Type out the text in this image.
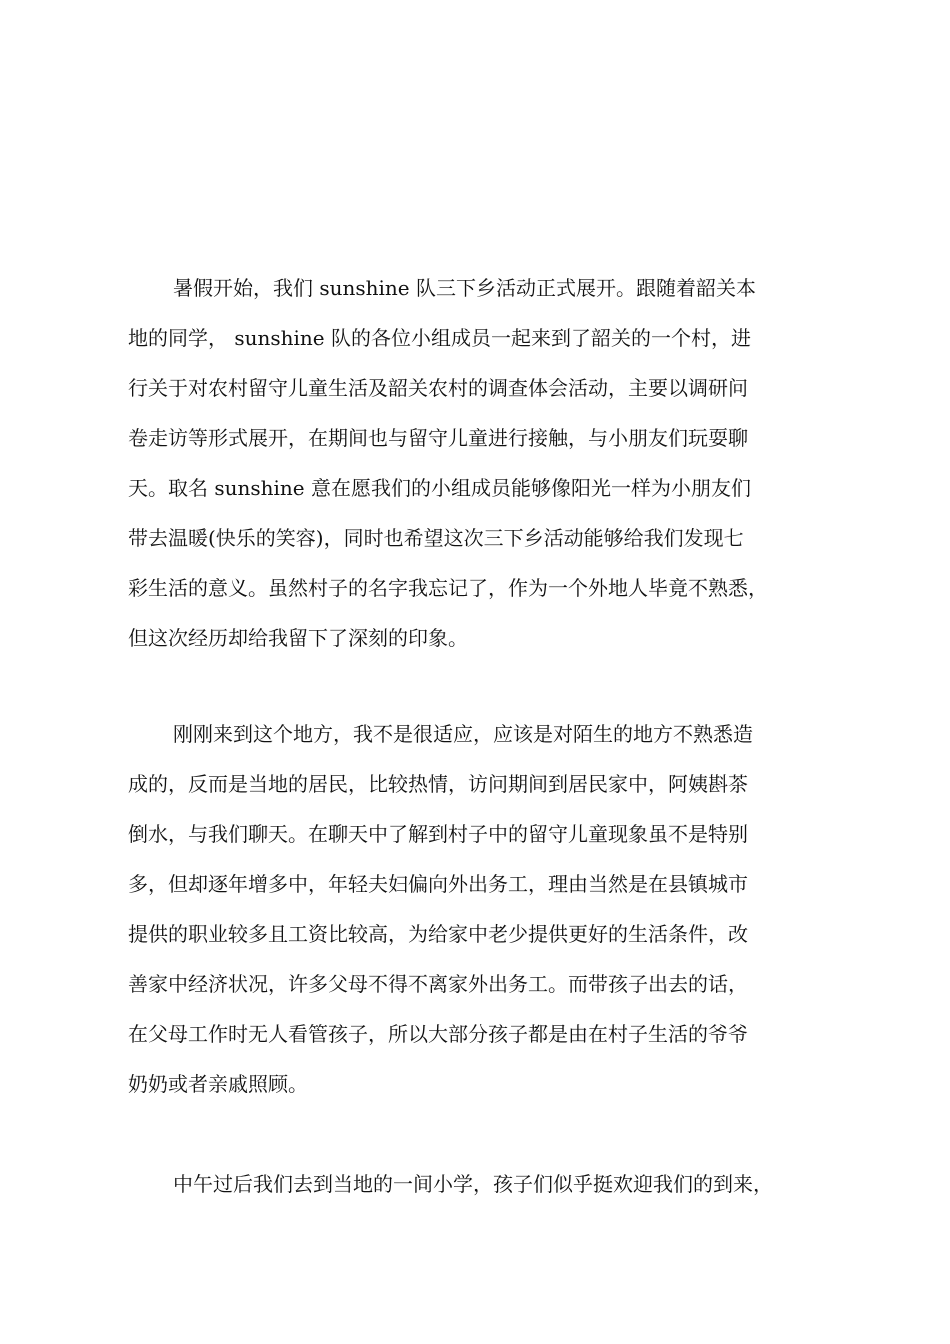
暑假开始，我们 sunshine 队三下乡活动正式展开。跟随着韶关本
地的同学， sunshine 队的各位小组成员一起来到了韶关的一个村，进
行关于对农村留守儿童生活及韶关农村的调查体会活动，主要以调研问
卷走访等形式展开，在期间也与留守儿童进行接触，与小朋友们玩耍聊
天。取名 sunshine 意在愿我们的小组成员能够像阳光一样为小朋友们
带去温暖(快乐的笑容)，同时也希望这次三下乡活动能够给我们发现七
彩生活的意义。虽然村子的名字我忘记了，作为一个外地人毕竟不熟悉，
但这次经历却给我留下了深刻的印象。
刚刚来到这个地方，我不是很适应，应该是对陌生的地方不熟悉造
成的，反而是当地的居民，比较热情，访问期间到居民家中，阿姨斟茶
倒水，与我们聊天。在聊天中了解到村子中的留守儿童现象虽不是特别
多，但却逐年增多中，年轻夫妇偏向外出务工，理由当然是在县镇城市
提供的职业较多且工资比较高，为给家中老少提供更好的生活条件，改
善家中经济状况，许多父母不得不离家外出务工。而带孩子出去的话，
在父母工作时无人看管孩子，所以大部分孩子都是由在村子生活的爷爷
奶奶或者亲戚照顾。
中午过后我们去到当地的一间小学，孩子们似乎挺欢迎我们的到来，
